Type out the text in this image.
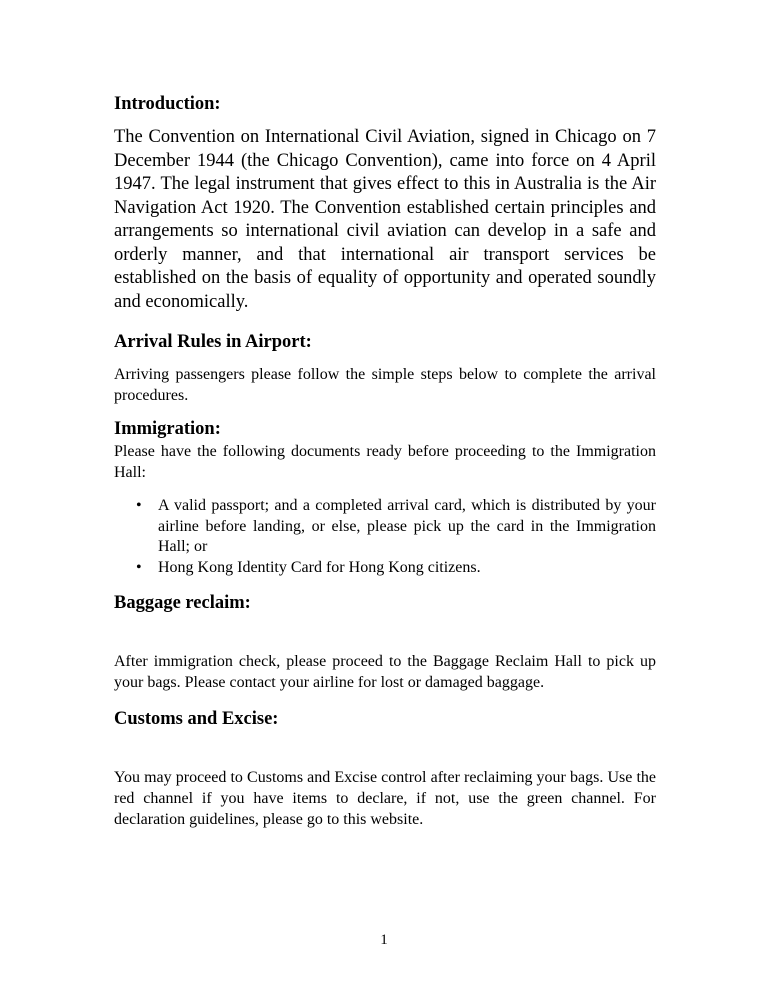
Introduction:

The Convention on International Civil Aviation, signed in Chicago on 7 December 1944 (the Chicago Convention), came into force on 4 April 1947. The legal instrument that gives effect to this in Australia is the Air Navigation Act 1920. The Convention established certain principles and arrangements so international civil aviation can develop in a safe and orderly manner, and that international air transport services be established on the basis of equality of opportunity and operated soundly and economically.

Arrival Rules in Airport:

Arriving passengers please follow the simple steps below to complete the arrival procedures.

Immigration:

Please have the following documents ready before proceeding to the Immigration Hall:

• A valid passport; and a completed arrival card, which is distributed by your airline before landing, or else, please pick up the card in the Immigration Hall; or
• Hong Kong Identity Card for Hong Kong citizens.
Baggage reclaim:

After immigration check, please proceed to the Baggage Reclaim Hall to pick up your bags. Please contact your airline for lost or damaged baggage.

Customs and Excise:

You may proceed to Customs and Excise control after reclaiming your bags. Use the red channel if you have items to declare, if not, use the green channel. For declaration guidelines, please go to this website.

1
